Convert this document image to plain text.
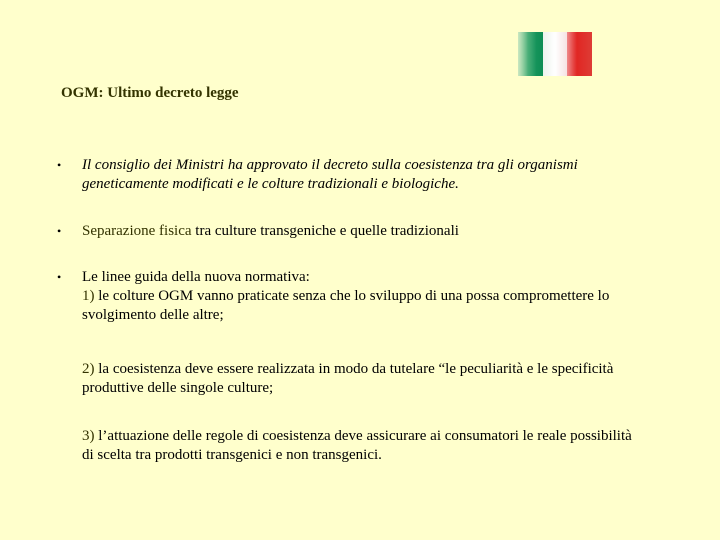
OGM: Ultimo decreto legge
• Il consiglio dei Ministri ha approvato il decreto sulla coesistenza tra gli organismi geneticamente modificati e le colture tradizionali e biologiche.
• Separazione fisica tra culture transgeniche e quelle tradizionali
• Le linee guida della nuova normativa:
1) le colture OGM vanno praticate senza che lo sviluppo di una possa compromettere lo svolgimento delle altre;
2) la coesistenza deve essere realizzata in modo da tutelare “le peculiarità e le specificità produttive delle singole culture;
3) l’attuazione delle regole di coesistenza deve assicurare ai consumatori le reale possibilità di scelta tra prodotti transgenici e non transgenici.
